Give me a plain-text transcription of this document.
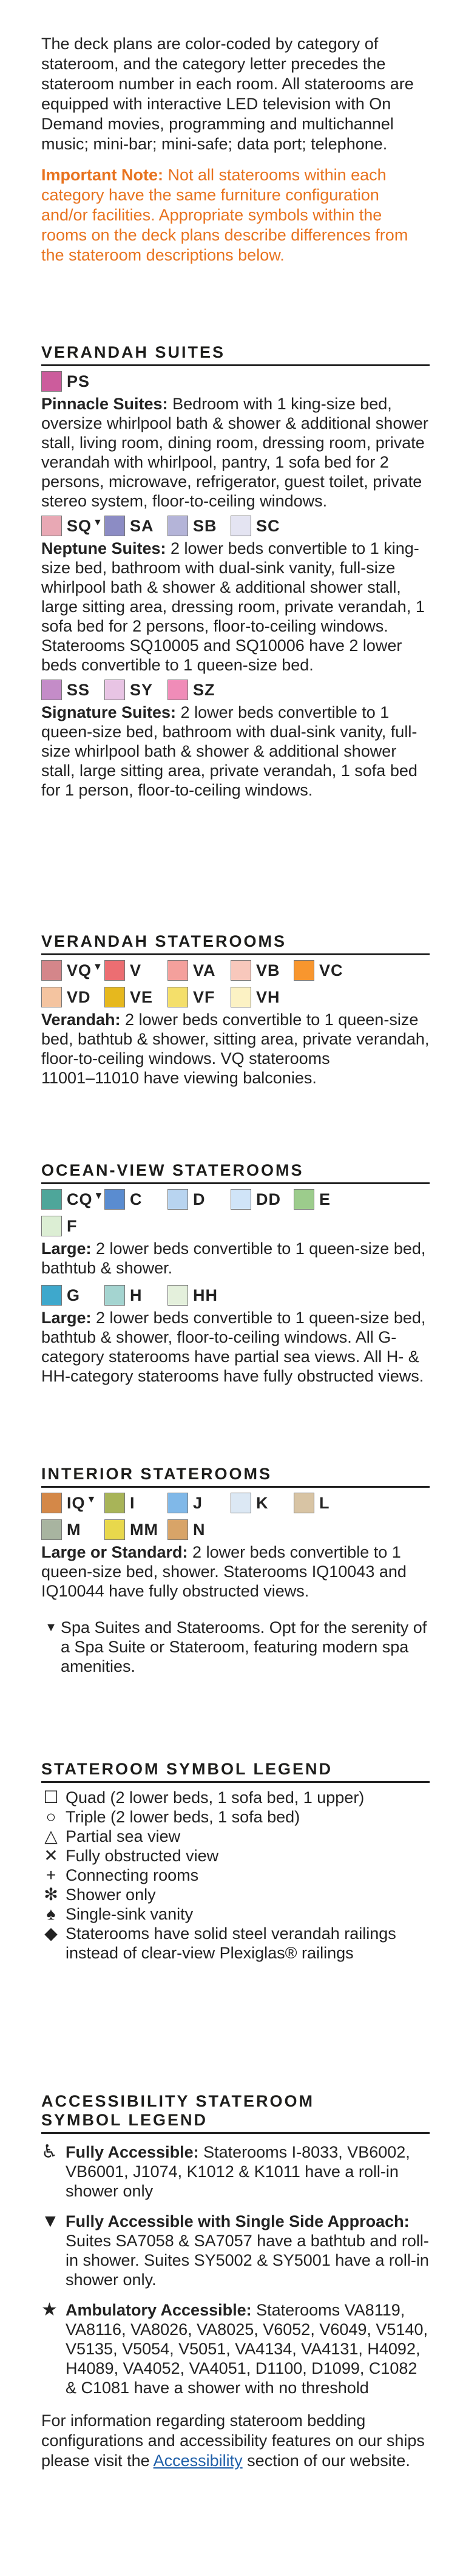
The deck plans are color-coded by category of stateroom, and the category letter precedes the stateroom number in each room. All staterooms are equipped with interactive LED television with On Demand movies, programming and multichannel music; mini-bar; mini-safe; data port; telephone.

Important Note: Not all staterooms within each category have the same furniture configuration and/or facilities. Appropriate symbols within the rooms on the deck plans describe differences from the stateroom descriptions below.

VERANDAH SUITES
PS
Pinnacle Suites: Bedroom with 1 king-size bed, oversize whirlpool bath & shower & additional shower stall, living room, dining room, dressing room, private verandah with whirlpool, pantry, 1 sofa bed for 2 persons, microwave, refrigerator, guest toilet, private stereo system, floor-to-ceiling windows.
SQ ▼ SA SB SC
Neptune Suites: 2 lower beds convertible to 1 king-size bed, bathroom with dual-sink vanity, full-size whirlpool bath & shower & additional shower stall, large sitting area, dressing room, private verandah, 1 sofa bed for 2 persons, floor-to-ceiling windows. Staterooms SQ10005 and SQ10006 have 2 lower beds convertible to 1 queen-size bed.
SS SY SZ
Signature Suites: 2 lower beds convertible to 1 queen-size bed, bathroom with dual-sink vanity, full-size whirlpool bath & shower & additional shower stall, large sitting area, private verandah, 1 sofa bed for 1 person, floor-to-ceiling windows.
VERANDAH STATEROOMS
VQ ▼ V	VA VB VC
VD VE VF VH
Verandah: 2 lower beds convertible to 1 queen-size bed, bathtub & shower, sitting area, private verandah, floor-to-ceiling windows. VQ staterooms
11001–11010 have viewing balconies.
OCEAN-VIEW STATEROOMS
CQ ▼ C	D	DD E
F
Large: 2 lower beds convertible to 1 queen-size bed, bathtub & shower.
G	H	HH
Large: 2 lower beds convertible to 1 queen-size bed, bathtub & shower, floor-to-ceiling windows. All G-category staterooms have partial sea views. All H- & HH-category staterooms have fully obstructed views.
INTERIOR STATEROOMS
IQ ▼ I	J	K	L
M	MM N
Large or Standard: 2 lower beds convertible to 1 queen-size bed, shower. Staterooms IQ10043 and IQ10044 have fully obstructed views.
▼ Spa Suites and Staterooms. Opt for the serenity of a Spa Suite or Stateroom, featuring modern spa amenities.
STATEROOM SYMBOL LEGEND
☐ Quad (2 lower beds, 1 sofa bed, 1 upper)
○ Triple (2 lower beds, 1 sofa bed)
△ Partial sea view
✕ Fully obstructed view
+ Connecting rooms
✻ Shower only
♠ Single-sink vanity
◆ Staterooms have solid steel verandah railings instead of clear-view Plexiglas® railings
ACCESSIBILITY STATEROOM
SYMBOL LEGEND
♿ Fully Accessible: Staterooms I-8033, VB6002, VB6001, J1074, K1012 & K1011 have a roll-in shower only
▼ Fully Accessible with Single Side Approach: Suites SA7058 & SA7057 have a bathtub and roll-in shower. Suites SY5002 & SY5001 have a roll-in shower only.
★ Ambulatory Accessible: Staterooms VA8119, VA8116, VA8026, VA8025, V6052, V6049, V5140, V5135, V5054, V5051, VA4134, VA4131, H4092, H4089, VA4052, VA4051, D1100, D1099, C1082 & C1081 have a shower with no threshold

For information regarding stateroom bedding configurations and accessibility features on our ships please visit the Accessibility section of our website.
